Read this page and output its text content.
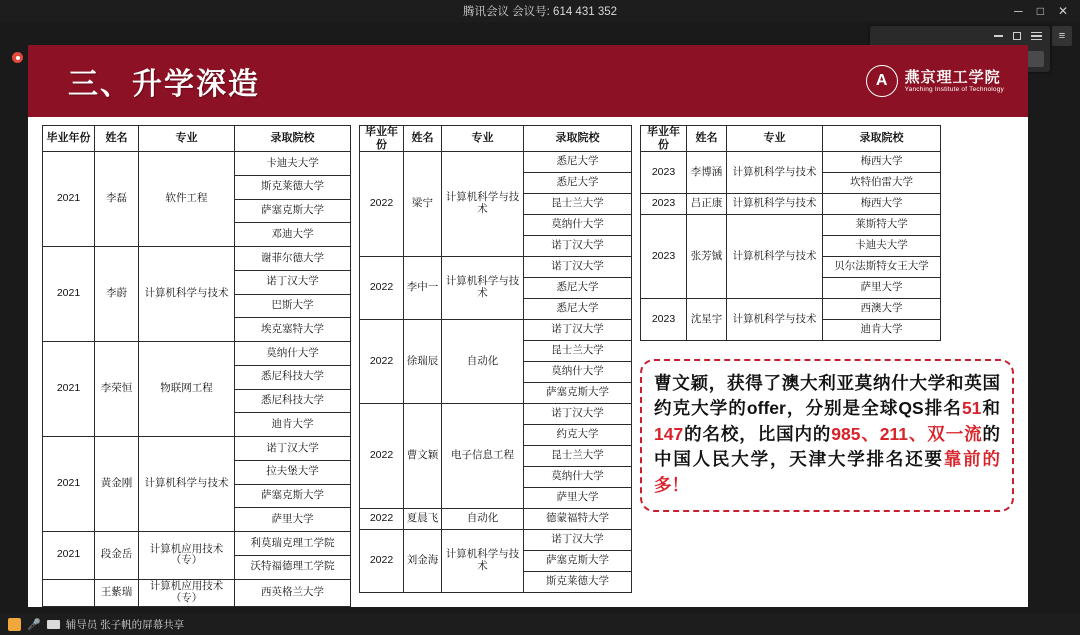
腾讯会议 会议号: 614 431 352	─ □ ✕
≡
三、升学深造	A	燕京理工学院
Yanching Institute of Technology
毕业年份	姓名	专业	录取院校
2021	李磊	软件工程	卡迪夫大学
			斯克莱德大学
			萨塞克斯大学
			邓迪大学
2021	李蔚	计算机科学与技术	谢菲尔德大学
			诺丁汉大学
			巴斯大学
			埃克塞特大学
2021	李荣恒	物联网工程	莫纳什大学
			悉尼科技大学
			悉尼科技大学
			迪肯大学
2021	黄金刚	计算机科学与技术	诺丁汉大学
			拉夫堡大学
			萨塞克斯大学
			萨里大学
2021	段金岳	计算机应用技术（专）	利莫瑞克理工学院
			沃特福德理工学院
	王紫瑞	计算机应用技术（专）	西英格兰大学
毕业年份	姓名	专业	录取院校
2022	梁宁	计算机科学与技术	悉尼大学
			悉尼大学
			昆士兰大学
			莫纳什大学
			诺丁汉大学
2022	李中一	计算机科学与技术	诺丁汉大学
			悉尼大学
			悉尼大学
2022	徐瑞辰	自动化	诺丁汉大学
			昆士兰大学
			莫纳什大学
			萨塞克斯大学
2022	曹文颖	电子信息工程	诺丁汉大学
			约克大学
			昆士兰大学
			莫纳什大学
			萨里大学
2022	夏晨飞	自动化	德蒙福特大学
2022	刘金海	计算机科学与技术	诺丁汉大学
			萨塞克斯大学
			斯克莱德大学
毕业年份	姓名	专业	录取院校
2023	李博涵	计算机科学与技术	梅西大学
			坎特伯雷大学
2023	吕正康	计算机科学与技术	梅西大学
2023	张芳铖	计算机科学与技术	莱斯特大学
			卡迪夫大学
			贝尔法斯特女王大学
			萨里大学
2023	沈星宇	计算机科学与技术	西澳大学
			迪肯大学
曹文颖，获得了澳大利亚莫纳什大学和英国约克大学的offer，分别是全球QS排名51和147的名校，比国内的985、211、双一流的中国人民大学，天津大学排名还要靠前的多！
🎤 辅导员 张子帆的屏幕共享
